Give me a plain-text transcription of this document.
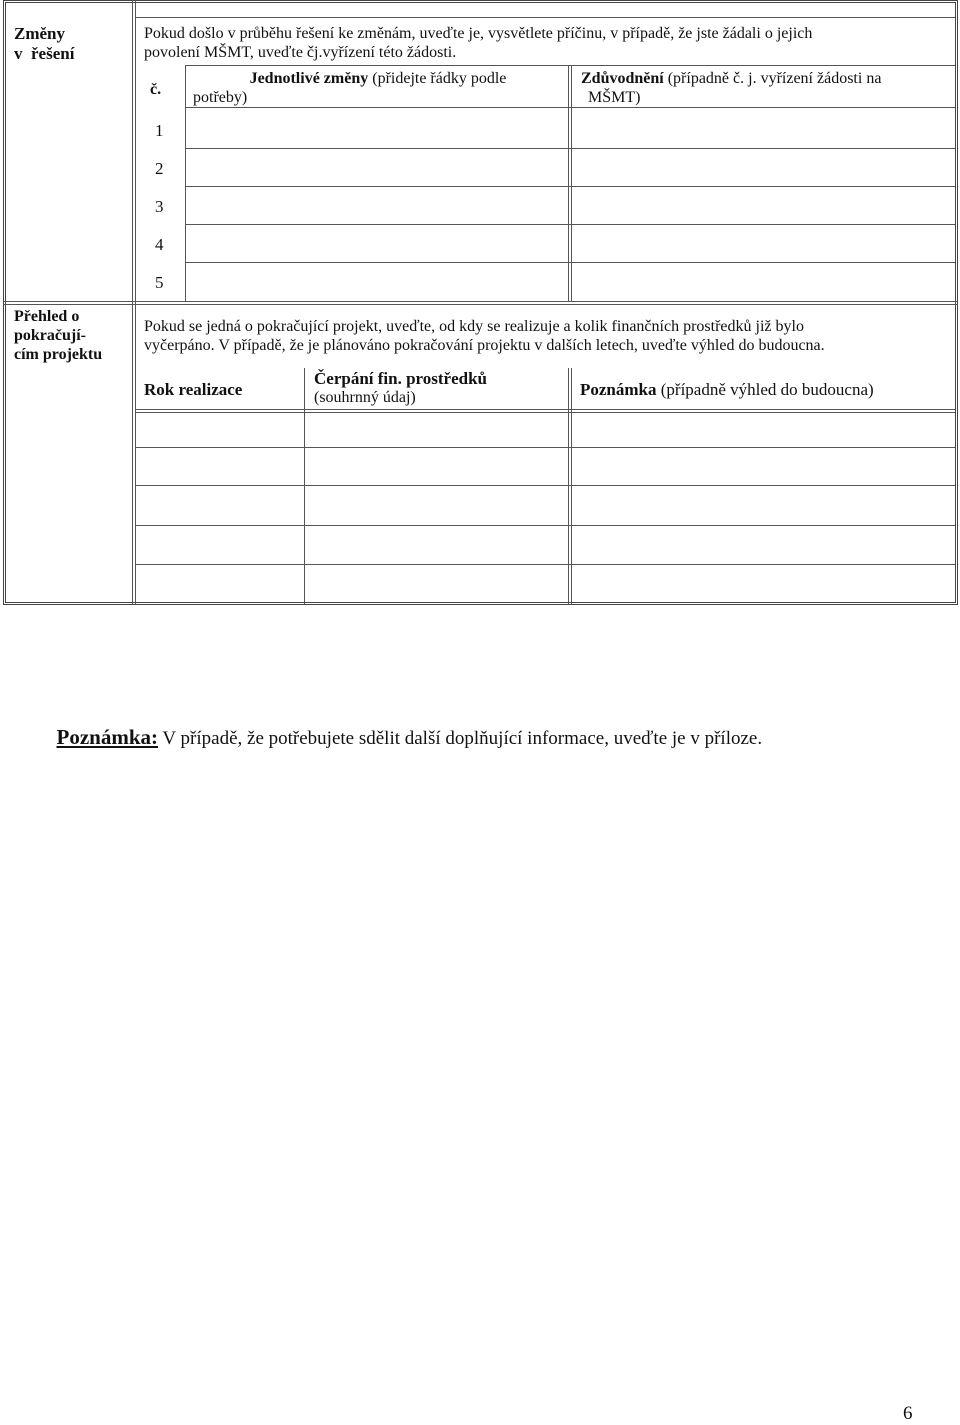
Změny
v  řešení
Pokud došlo v průběhu řešení ke změnám, uveďte je, vysvětlete příčinu, v případě, že jste žádali o jejich
povolení MŠMT, uveďte čj.vyřízení této žádosti.
č.
Jednotlivé změny (přidejte řádky podle
potřeby)
Zdůvodnění (případně č. j. vyřízení žádosti na
MŠMT)
1
2
3
4
5
Přehled o
pokračují-
cím projektu
Pokud se jedná o pokračující projekt, uveďte, od kdy se realizuje a kolik finančních prostředků již bylo
vyčerpáno. V případě, že je plánováno pokračování projektu v dalších letech, uveďte výhled do budoucna.
Rok realizace
Čerpání fin. prostředků
(souhrnný údaj)	Poznámka (případně výhled do budoucna)

Poznámka: V případě, že potřebujete sdělit další doplňující informace, uveďte je v příloze.

6
